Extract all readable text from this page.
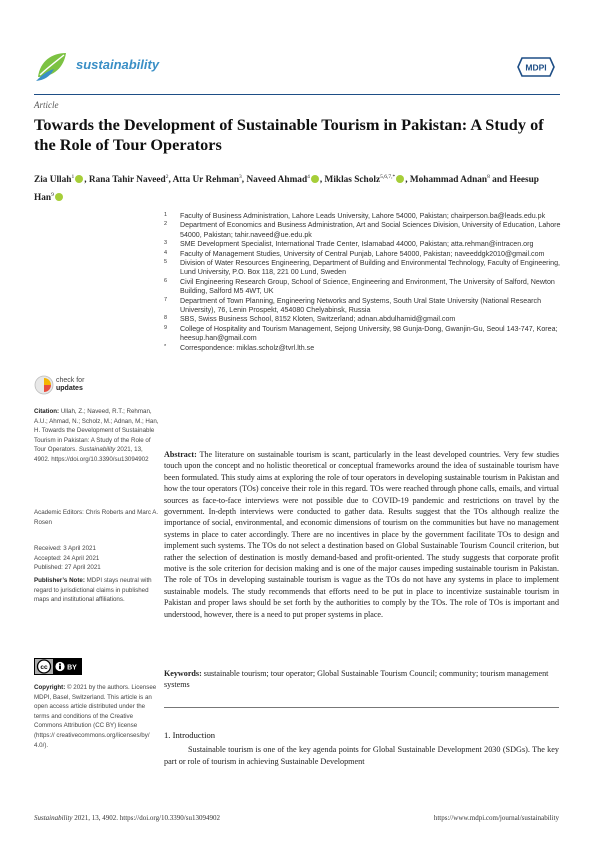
sustainability	MDPI
Article
Towards the Development of Sustainable Tourism in Pakistan: A Study of the Role of Tour Operators
Zia Ullah$^1$ , Rana Tahir Naveed$^2$, Atta Ur Rehman$^3$, Naveed Ahmad$^4$ , Miklas Scholz$^{5,6,7,*}$ , Mohammad Adnan$^8$ and Heesup Han$^9$
1 Faculty of Business Administration, Lahore Leads University, Lahore 54000, Pakistan; chairperson.ba@leads.edu.pk
2 Department of Economics and Business Administration, Art and Social Sciences Division, University of Education, Lahore 54000, Pakistan; tahir.naveed@ue.edu.pk
3 SME Development Specialist, International Trade Center, Islamabad 44000, Pakistan; atta.rehman@intracen.org
4 Faculty of Management Studies, University of Central Punjab, Lahore 54000, Pakistan; naveeddgk2010@gmail.com
5 Division of Water Resources Engineering, Department of Building and Environmental Technology, Faculty of Engineering, Lund University, P.O. Box 118, 221 00 Lund, Sweden
6 Civil Engineering Research Group, School of Science, Engineering and Environment, The University of Salford, Newton Building, Salford M5 4WT, UK
7 Department of Town Planning, Engineering Networks and Systems, South Ural State University (National Research University), 76, Lenin Prospekt, 454080 Chelyabinsk, Russia
8 SBS, Swiss Business School, 8152 Kloten, Switzerland; adnan.abdulhamid@gmail.com
9 College of Hospitality and Tourism Management, Sejong University, 98 Gunja-Dong, Gwanjin-Gu, Seoul 143-747, Korea; heesup.han@gmail.com
* Correspondence: miklas.scholz@tvrl.lth.se
check for
updates
Citation: Ullah, Z.; Naveed, R.T.; Rehman, A.U.; Ahmad, N.; Scholz, M.; Adnan, M.; Han, H. Towards the Development of Sustainable Tourism in Pakistan: A Study of the Role of Tour Operators. Sustainability 2021, 13, 4902. https://doi.org/10.3390/su13094902
Academic Editors: Chris Roberts and Marc A. Rosen
Received: 3 April 2021
Accepted: 24 April 2021
Published: 27 April 2021
Publisher’s Note: MDPI stays neutral with regard to jurisdictional claims in published maps and institutional affiliations.
cc	BY
Copyright: © 2021 by the authors. Licensee MDPI, Basel, Switzerland. This article is an open access article distributed under the terms and conditions of the Creative Commons Attribution (CC BY) license (https:// creativecommons.org/licenses/by/ 4.0/).
Abstract: The literature on sustainable tourism is scant, particularly in the least developed countries. Very few studies touch upon the concept and no holistic theoretical or conceptual frameworks around the idea of sustainable tourism have been formulated. This study aims at exploring the role of tour operators in developing sustainable tourism in Pakistan and how the tour operators (TOs) conceive their role in this regard. TOs were reached through phone calls, emails, and virtual sources as face-to-face interviews were not possible due to COVID-19 pandemic and restrictions on travel by the government. In-depth interviews were conducted to gather data. Results suggest that the TOs although realize the importance of social, environmental, and economic dimensions of tourism on the communities but have no management systems in place to cater accordingly. There are no incentives in place by the government facilitate TOs to design and implement such systems. The TOs do not select a destination based on Global Sustainable Tourism Council criterion, but rather the selection of destination is mostly demand-based and profit-oriented. The study suggests that corporate profit motive is the sole criterion for decision making and is one of the major causes impeding sustainable tourism in Pakistan. The role of TOs in developing sustainable tourism is vague as the TOs do not have any systems in place to implement sustainable models. The study recommends that efforts need to be put in place to incentivize sustainable tourism in Pakistan and proper laws should be set forth by the authorities to comply by the TOs. The role of TOs is important and understood, however, there is a need to put proper systems in place.
Keywords: sustainable tourism; tour operator; Global Sustainable Tourism Council; community; tourism management systems
1. Introduction
Sustainable tourism is one of the key agenda points for Global Sustainable Development 2030 (SDGs). The key part or role of tourism in achieving Sustainable Development
Sustainability 2021, 13, 4902. https://doi.org/10.3390/su13094902	https://www.mdpi.com/journal/sustainability
